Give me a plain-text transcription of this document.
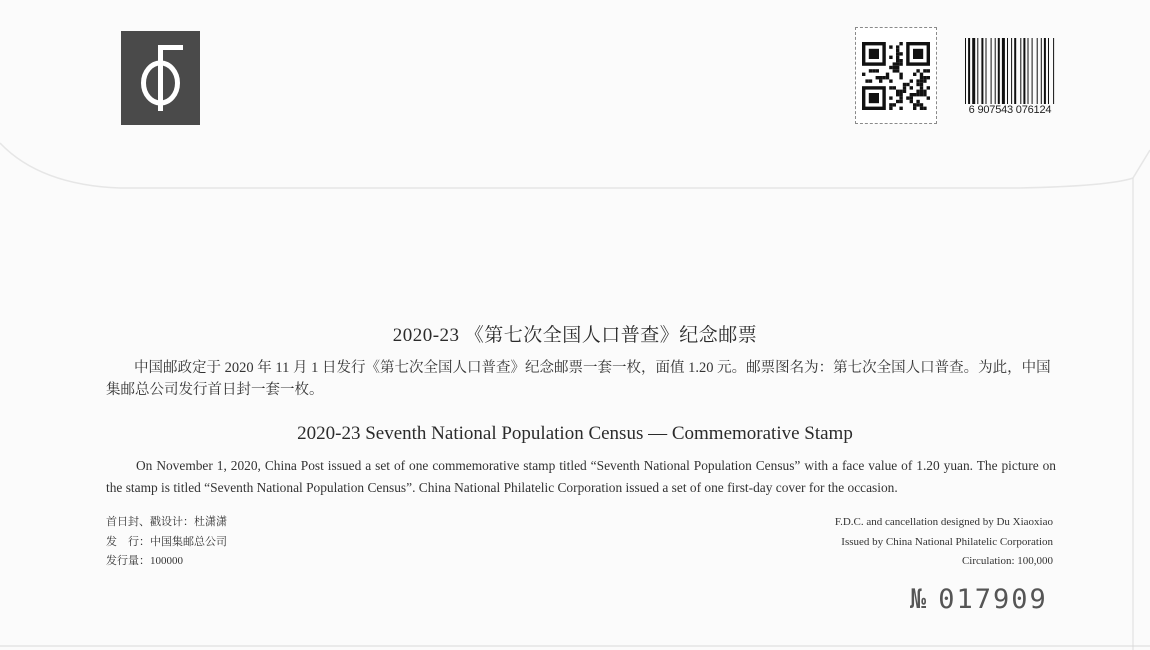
6 907543 076124
2020-23 《第七次全国人口普查》纪念邮票

中国邮政定于 2020 年 11 月 1 日发行《第七次全国人口普查》纪念邮票一套一枚，面值 1.20 元。邮票图名为：第七次全国人口普查。为此，中国集邮总公司发行首日封一套一枚。

2020-23 Seventh National Population Census — Commemorative Stamp

On November 1, 2020, China Post issued a set of one commemorative stamp titled “Seventh National Population Census” with a face value of 1.20 yuan. The picture on the stamp is titled “Seventh National Population Census”. China National Philatelic Corporation issued a set of one first-day cover for the occasion.

首日封、戳设计：杜潇潇
发    行：中国集邮总公司
发行量：100000
F.D.C. and cancellation designed by Du Xiaoxiao
Issued by China National Philatelic Corporation
Circulation: 100,000
№ 017909
